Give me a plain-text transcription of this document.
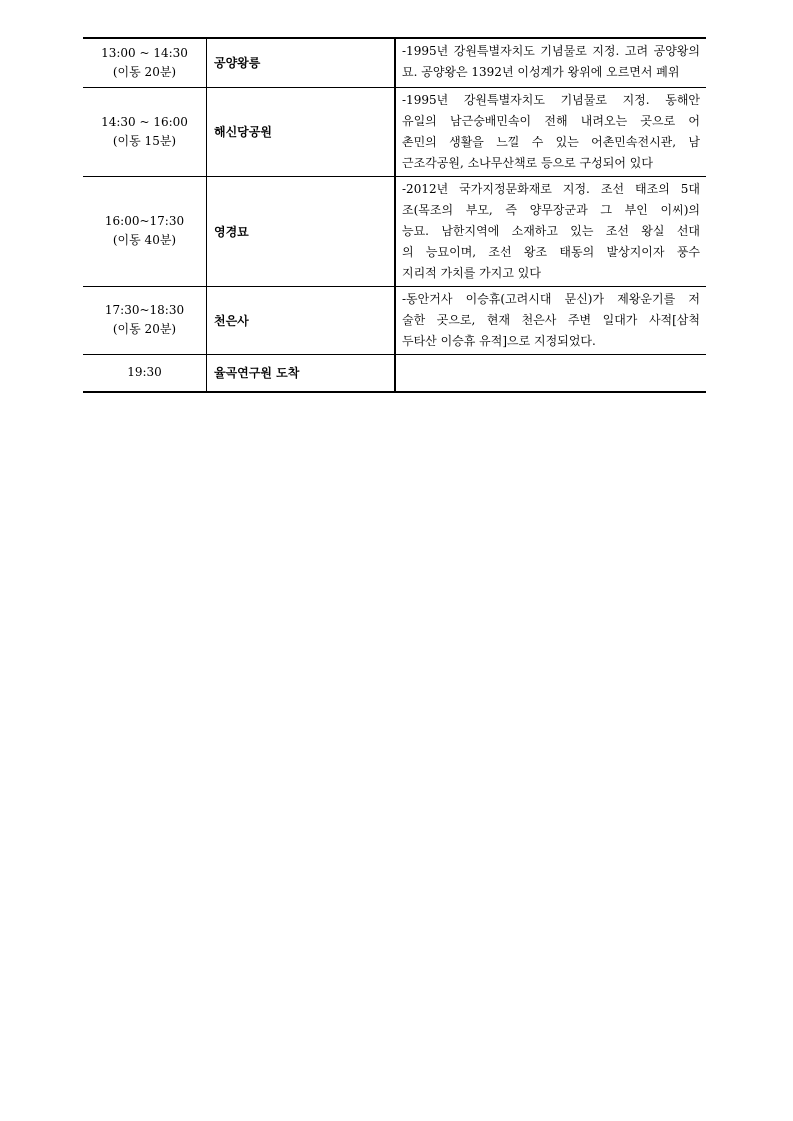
13:00 ~ 14:30
(이동 20분)	공양왕릉	-1995년 강원특별자치도 기념물로 지정. 고려 공양왕의
묘. 공양왕은 1392년 이성계가 왕위에 오르면서 폐위

14:30 ~ 16:00
(이동 15분)	해신당공원	-1995년 강원특별자치도 기념물로 지정. 동해안
유일의 남근숭배민속이 전해 내려오는 곳으로 어
촌민의 생활을 느낄 수 있는 어촌민속전시관, 남
근조각공원, 소나무산책로 등으로 구성되어 있다

16:00~17:30
(이동 40분)	영경묘	-2012년 국가지정문화재로 지정. 조선 태조의 5대
조(목조의 부모, 즉 양무장군과 그 부인 이씨)의
능묘. 남한지역에 소재하고 있는 조선 왕실 선대
의 능묘이며, 조선 왕조 태동의 발상지이자 풍수
지리적 가치를 가지고 있다

17:30~18:30
(이동 20분)	천은사	-동안거사 이승휴(고려시대 문신)가 제왕운기를 저
술한 곳으로, 현재 천은사 주변 일대가 사적[삼척
두타산 이승휴 유적]으로 지정되었다.

19:30	율곡연구원 도착	
